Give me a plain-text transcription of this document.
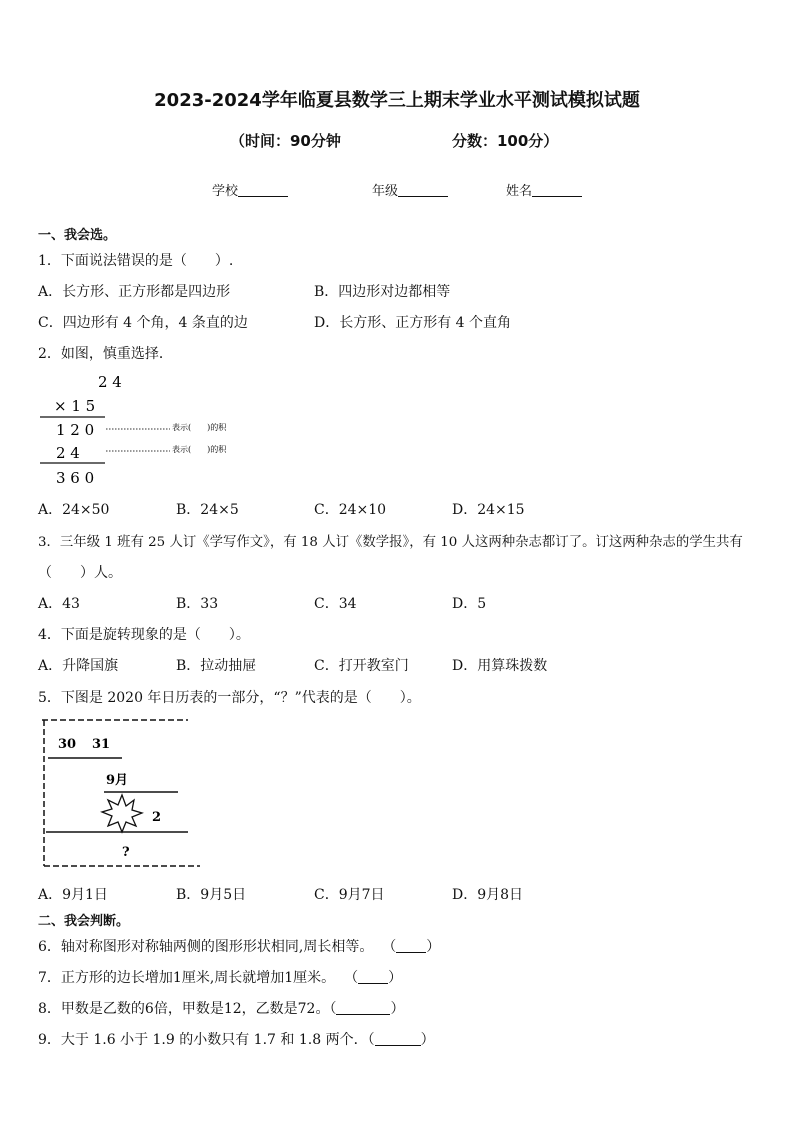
2023-2024学年临夏县数学三上期末学业水平测试模拟试题
（时间：90分钟	分数：100分）
学校	年级	姓名
一、我会选。
1．下面说法错误的是（　　）.
A．长方形、正方形都是四边形	B．四边形对边都相等
C．四边形有 4 个角，4 条直的边	D．长方形、正方形有 4 个直角
2．如图，慎重选择．
2 4
× 1 5
1 2 0	表示(　　)的积
2 4	表示(　　)的积
3 6 0
A．24×50	B．24×5	C．24×10	D．24×15
3．三年级 1 班有 25 人订《学写作文》，有 18 人订《数学报》，有 10 人这两种杂志都订了。订这两种杂志的学生共有
（　　）人。
A．43	B．33	C．34	D．5
4．下面是旋转现象的是（　　）。
A．升降国旗	B．拉动抽屉	C．打开教室门	D．用算珠拨数
5．下图是 2020 年日历表的一部分，“？”代表的是（　　）。
30 31
9月
2
?
A．9月1日	B．9月5日	C．9月7日	D．9月8日
二、我会判断。
6．轴对称图形对称轴两侧的图形形状相同,周长相等。  （ ）
7．正方形的边长增加1厘米,周长就增加1厘米。  （ ）
8．甲数是乙数的6倍，甲数是12，乙数是72。（	）
9．大于 1.6 小于 1.9 的小数只有 1.7 和 1.8 两个．（	）
